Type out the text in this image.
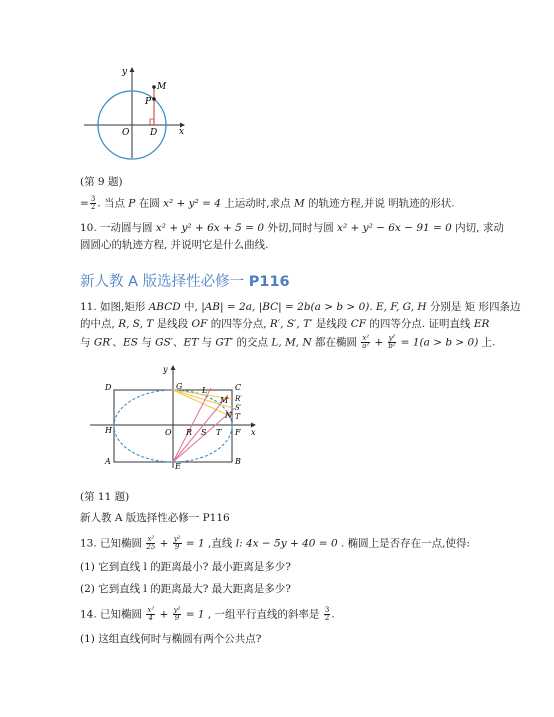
y
M
P
O D x
(第 9 题)
= $\frac{3}{2}$ . 当点 P 在圆 x² + y² = 4 上运动时,求点 M 的轨迹方程,并说 明轨迹的形状.
10. 一动圆与圆 x² + y² + 6x + 5 = 0 外切,同时与圆 x² + y² − 6x − 91 = 0 内切, 求动
圆圆心的轨迹方程, 并说明它是什么曲线.
新人教 A 版选择性必修一 P116
11. 如图,矩形 ABCD 中, |AB| = 2a, |BC| = 2b(a > b > 0). E, F, G, H 分别是 矩 形四条边
的中点, R, S, T 是线段 OF 的四等分点, R′, S′, T′ 是线段 CF 的四等分点. 证明直线 ER
与 GR′、ES 与 GS′、ET 与 GT′ 的交点 L, M, N 都在椭圆 $\frac{\text{x²}}{\text{a²}} + \frac{\text{y²}}{\text{b²}} = 1(a > b > 0)$ 上.
y
D	G L	C
M R′
S′
N T′
H	O R S T F x
A
E
B
(第 11 题)
新人教 A 版选择性必修一 P116
13. 已知椭圆 $\frac{\text{x²}}{25} + \frac{\text{y²}}{9} = 1$ ,直线 l: 4x − 5y + 40 = 0 . 椭圆上是否存在一点,使得:
(1) 它到直线 l 的距离最小? 最小距离是多少?
(2) 它到直线 l 的距离最大? 最大距离是多少?
14. 已知椭圆 $\frac{\text{x²}}{4} + \frac{\text{y²}}{9} = 1$ , 一组平行直线的斜率是 $\frac{3}{2}$ .
(1) 这组直线何时与椭圆有两个公共点?
